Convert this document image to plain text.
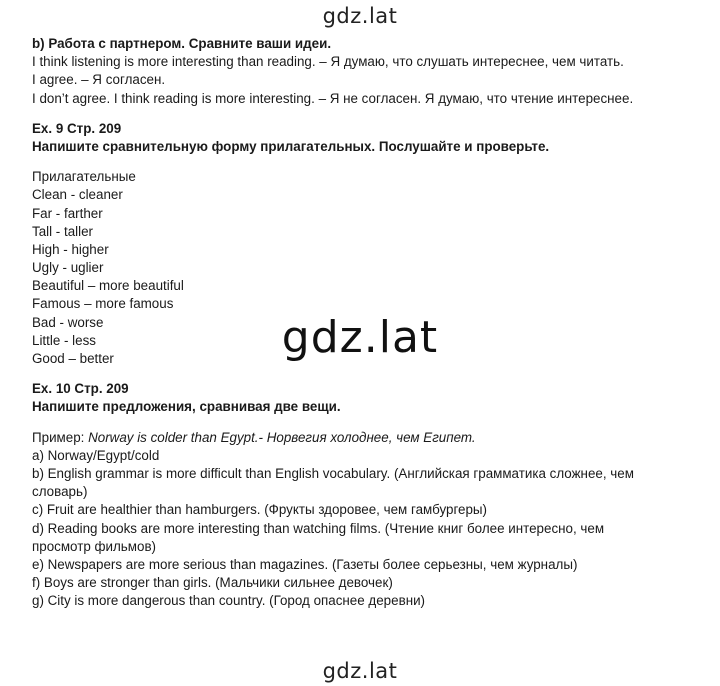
gdz.lat
b) Работа с партнером. Сравните ваши идеи.
I think listening is more interesting than reading. – Я думаю, что слушать интереснее, чем читать.
I agree. – Я согласен.
I don’t agree. I think reading is more interesting. – Я не согласен. Я думаю, что чтение интереснее.
Ex. 9 Стр. 209
Напишите сравнительную форму прилагательных. Послушайте и проверьте.
Прилагательные
Clean - cleaner
Far - farther
Tall - taller
High - higher
Ugly - uglier
Beautiful – more beautiful
Famous – more famous
Bad - worse
Little - less
Good – better
Ex. 10 Стр. 209
Напишите предложения, сравнивая две вещи.
Пример: Norway is colder than Egypt.- Норвегия холоднее, чем Египет.
a) Norway/Egypt/cold
b) English grammar is more difficult than English vocabulary. (Английская грамматика сложнее, чем словарь)
c) Fruit are healthier than hamburgers. (Фрукты здоровее, чем гамбургеры)
d) Reading books are more interesting than watching films. (Чтение книг более интересно, чем просмотр фильмов)
e) Newspapers are more serious than magazines. (Газеты более серьезны, чем журналы)
f) Boys are stronger than girls. (Мальчики сильнее девочек)
g) City is more dangerous than country. (Город опаснее деревни)
gdz.lat
gdz.lat
